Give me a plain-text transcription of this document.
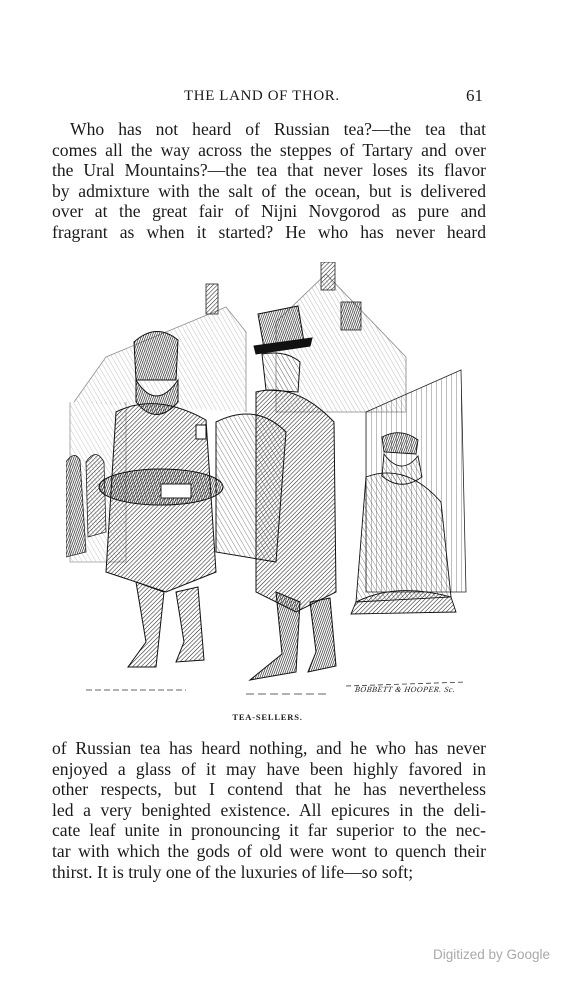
THE LAND OF THOR.	61
Who has not heard of Russian tea?—the tea that
comes all the way across the steppes of Tartary and over
the Ural Mountains?—the tea that never loses its flavor
by admixture with the salt of the ocean, but is delivered
over at the great fair of Nijni Novgorod as pure and
fragrant as when it started? He who has never heard
BOBBETT & HOOPER. Sc.
TEA-SELLERS.
of Russian tea has heard nothing, and he who has never
enjoyed a glass of it may have been highly favored in
other respects, but I contend that he has nevertheless
led a very benighted existence. All epicures in the deli-
cate leaf unite in pronouncing it far superior to the nec-
tar with which the gods of old were wont to quench their
thirst. It is truly one of the luxuries of life—so soft;
Digitized by Google
